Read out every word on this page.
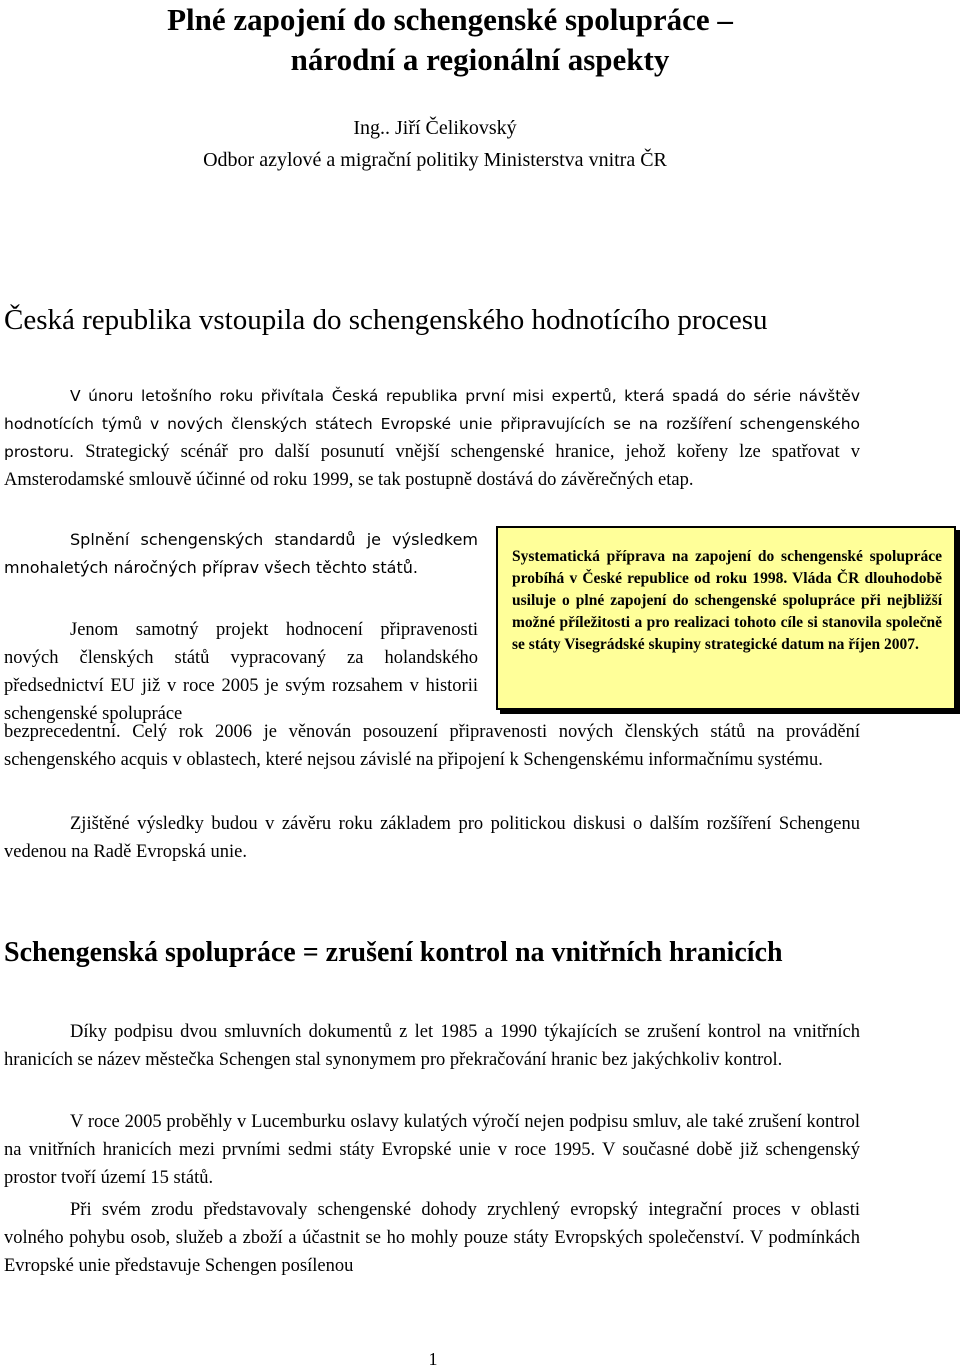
Plné zapojení do schengenské spolupráce –
národní a regionální aspekty
Ing.. Jiří Čelikovský
Odbor azylové a migrační politiky Ministerstva vnitra ČR
Česká republika vstoupila do schengenského hodnotícího procesu

V únoru letošního roku přivítala Česká republika první misi expertů, která spadá do série návštěv hodnotících týmů v nových členských státech Evropské unie připravujících se na rozšíření schengenského prostoru. Strategický scénář pro další posunutí vnější schengenské hranice, jehož kořeny lze spatřovat v Amsterodamské smlouvě účinné od roku 1999, se tak postupně dostává do závěrečných etap.

Splnění schengenských standardů je výsledkem mnohaletých náročných příprav všech těchto států.

Jenom samotný projekt hodnocení připravenosti nových členských států vypracovaný za holandského předsednictví EU již v roce 2005 je svým rozsahem v historii schengenské spolupráce

bezprecedentní. Celý rok 2006 je věnován posouzení připravenosti nových členských států na provádění schengenského acquis v oblastech, které nejsou závislé na připojení k Schengenskému informačnímu systému.

Zjištěné výsledky budou v závěru roku základem pro politickou diskusi o dalším rozšíření Schengenu vedenou na Radě Evropská unie.

Systematická příprava na zapojení do schengenské spolupráce probíhá v České republice od roku 1998. Vláda ČR dlouhodobě usiluje o plné zapojení do schengenské spolupráce při nejbližší možné příležitosti a pro realizaci tohoto cíle si stanovila společně se státy Visegrádské skupiny strategické datum na říjen 2007.
Schengenská spolupráce = zrušení kontrol na vnitřních hranicích

Díky podpisu dvou smluvních dokumentů z let 1985 a 1990 týkajících se zrušení kontrol na vnitřních hranicích se název městečka Schengen stal synonymem pro překračování hranic bez jakýchkoliv kontrol.

V roce 2005 proběhly v Lucemburku oslavy kulatých výročí nejen podpisu smluv, ale také zrušení kontrol na vnitřních hranicích mezi prvními sedmi státy Evropské unie v roce 1995. V současné době již schengenský prostor tvoří území 15 států.

Při svém zrodu představovaly schengenské dohody zrychlený evropský integrační proces v oblasti volného pohybu osob, služeb a zboží a účastnit se ho mohly pouze státy Evropských společenství. V podmínkách Evropské unie představuje Schengen posílenou

1
